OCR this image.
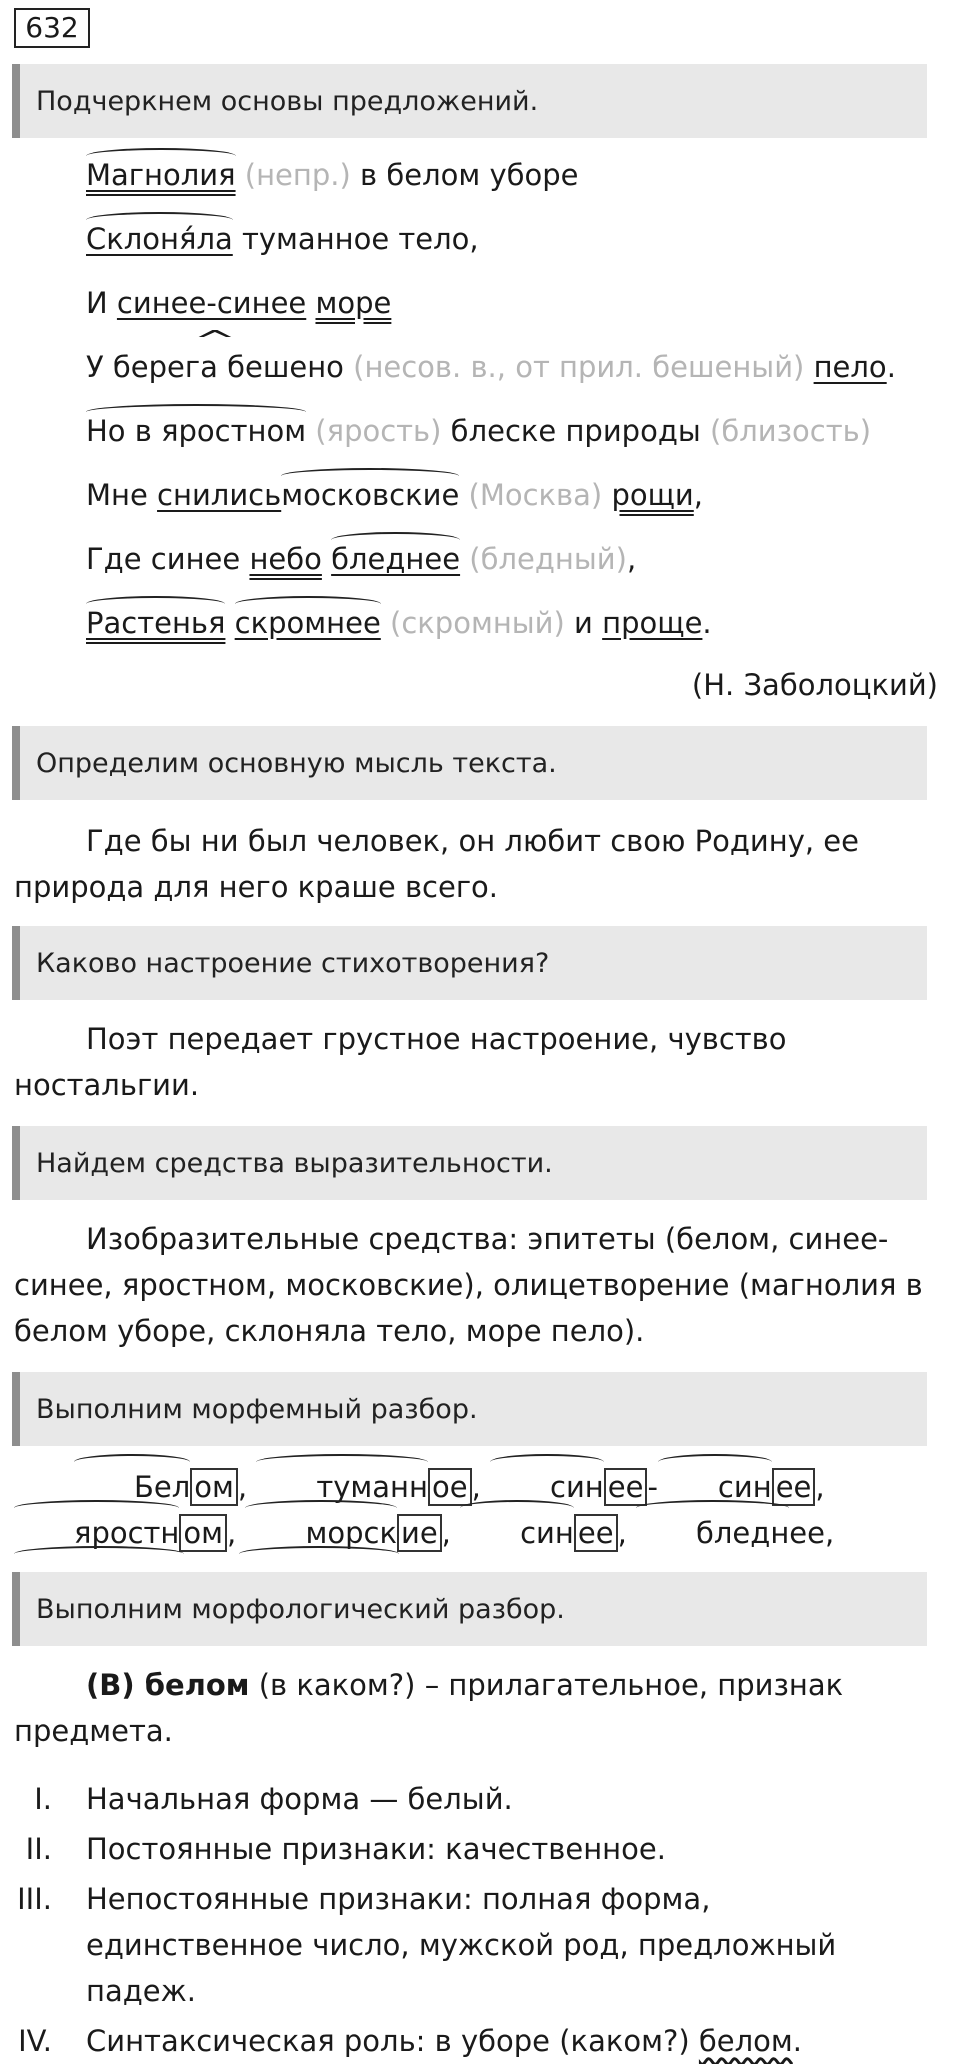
632
Подчеркнем основы предложений.
Магнолия (непр.) в белом уборе
Склоня́ла туманное тело,
И синее-синее море
^ У берега бешено (несов. в., от прил. бешеный) пело.
Но в яростном (ярость) блеске природы (близость)
Мне снилисьмосковские (Москва) рощи,
Где синее небо бледнее (бледный),
Растенья скромнее (скромный) и проще.
(Н. Заболоцкий)
Определим основную мысль текста.
Где бы ни был человек, он любит свою Родину, ее природа для него краше всего.
Каково настроение стихотворения?
Поэт передает грустное настроение, чувство ностальгии.
Найдем средства выразительности.
Изобразительные средства: эпитеты (белом, синее-синее, яростном, московские), олицетворение (магнолия в белом уборе, склоняла тело, море пело).
Выполним морфемный разбор.
Бел ом , туманн ое , син ее - син ее , яростн ом , морск ие , син ее , бледнее,
Выполним морфологический разбор.
(В) белом (в каком?) – прилагательное, признак предмета.
I.	Начальная форма — белый.
II.	Постоянные признаки: качественное.
III.	Непостоянные признаки: полная форма, единственное число, мужской род, предложный падеж.
IV.	Синтаксическая роль: в уборе (каком?) белом.
